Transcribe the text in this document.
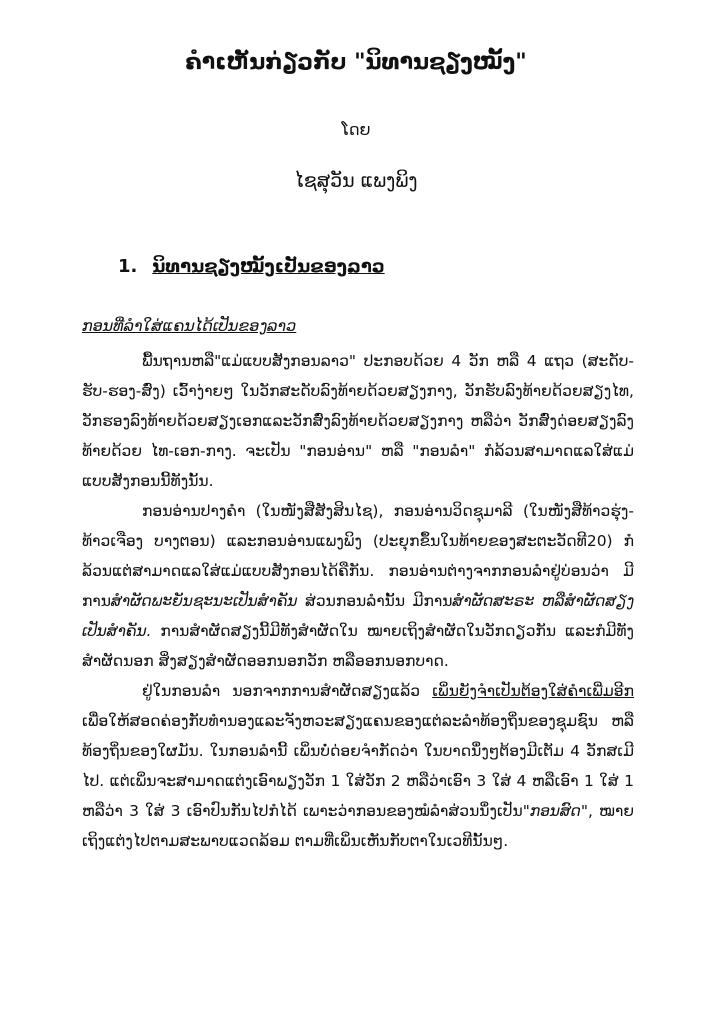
ຄໍາເຫັນກ່ຽວກັບ "ນິທານຊຽງໝັ້ງ"
ໂດຍ
ໄຊສຸວັນ ແພງພິງ
1. ນິທານຊຽງໝັ້ງເປັນຂອງລາວ
ກອນທີ່ລໍາໃສ່ແຄນໄດ້ເປັນຂອງລາວ

ພື້ນຖານຫລື"ແມ່ແບບສັງກອນລາວ" ປະກອບດ້ວຍ 4 ວັກ ຫລື 4 ແຖວ (ສະດັບ-ຮັບ-ຮອງ-ສົ່ງ) ເວົ້າງ່າຍໆ ໃນວັກສະດັບລົງທ້າຍດ້ວຍສຽງກາງ, ວັກຮັບລົງທ້າຍດ້ວຍສຽງໄທ, ວັກຮອງລົງທ້າຍດ້ວຍສຽງເອກແລະວັກສົ່ງລົງທ້າຍດ້ວຍສຽງກາງ ຫລືວ່າ ວັກສົ່ງດ່ອຍສຽງລົງທ້າຍດ້ວຍ ໄທ-ເອກ-ກາງ. ຈະເປັນ "ກອນອ່ານ" ຫລື "ກອນລໍາ" ກໍລ້ວນສາມາດແລໃສ່ແມ່ແບບສັງກອນນີ້ທັງນັ້ນ.

ກອນອ່ານປາງຄໍາ (ໃນໜັງສືສັງສິນໄຊ), ກອນອ່ານວິດຊຸມາລີ (ໃນໜັງສືທ້າວຮຸ່ງ-ທ້າວເຈືອງ ບາງຕອນ) ແລະກອນອ່ານແພງພິງ (ປະຍຸກຂຶ້ນໃນທ້າຍຂອງສະຕະວັດທີ20) ກໍລ້ວນແຕ່ສາມາດແລໃສ່ແມ່ແບບສັງກອນໄດ້ຄືກັນ. ກອນອ່ານຕ່າງຈາກກອນລໍາຢູ່ບ່ອນວ່າ ມີການສໍາຜັດພະຍັນຊະນະເປັນສໍາຄັນ ສ່ວນກອນລໍານັ້ນ ມີການສໍາຜັດສະຣະ ຫລືສໍາຜັດສຽງເປັນສໍາຄັນ. ການສໍາຜັດສຽງນີ້ມີທັງສໍາຜັດໃນ ໝາຍເຖິງສໍາຜັດໃນວັກດຽວກັນ ແລະກໍມີທັງສໍາຜັດນອກ ສິ່ງສຽງສໍາຜັດອອກນອກວັກ ຫລືອອກນອກບາດ.

ຢູ່ໃນກອນລໍາ ນອກຈາກການສໍາຜັດສຽງແລ້ວ ເພິ່ນຍັງຈໍາເປັນຕ້ອງໃສ່ຄໍາເພີ່ມອີກ ເພື່ອໃຫ້ສອດຄ່ອງກັບທໍານອງແລະຈັງຫວະສຽງແຄນຂອງແຕ່ລະລໍາທ້ອງຖິ່ນຂອງຊຸມຊົນ ຫລືທ້ອງຖິ່ນຂອງໃຜມັນ. ໃນກອນລໍານີ້ ເພິ່ນບໍ່ດ່ອຍຈໍາກັດວ່າ ໃນບາດນຶ່ງໆຕ້ອງມີເຕັມ 4 ວັກສເມີໄປ. ແຕ່ເພິ່ນຈະສາມາດແຕ່ງເອົາພຽງວັກ 1 ໃສ່ວັກ 2 ຫລືວ່າເອົາ 3 ໃສ່ 4 ຫລືເອົາ 1 ໃສ່ 1 ຫລືວ່າ 3 ໃສ່ 3 ເອົາປົນກັນໄປກໍໄດ້ ເພາະວ່າກອນຂອງໝໍລໍາສ່ວນນຶ່ງເປັນ"ກອນສົດ", ໝາຍເຖິງແຕ່ງໄປຕາມສະພາບແວດລ້ອມ ຕາມທີ່ເພິ່ນເຫັນກັບຕາໃນເວທີນັ້ນໆ.
